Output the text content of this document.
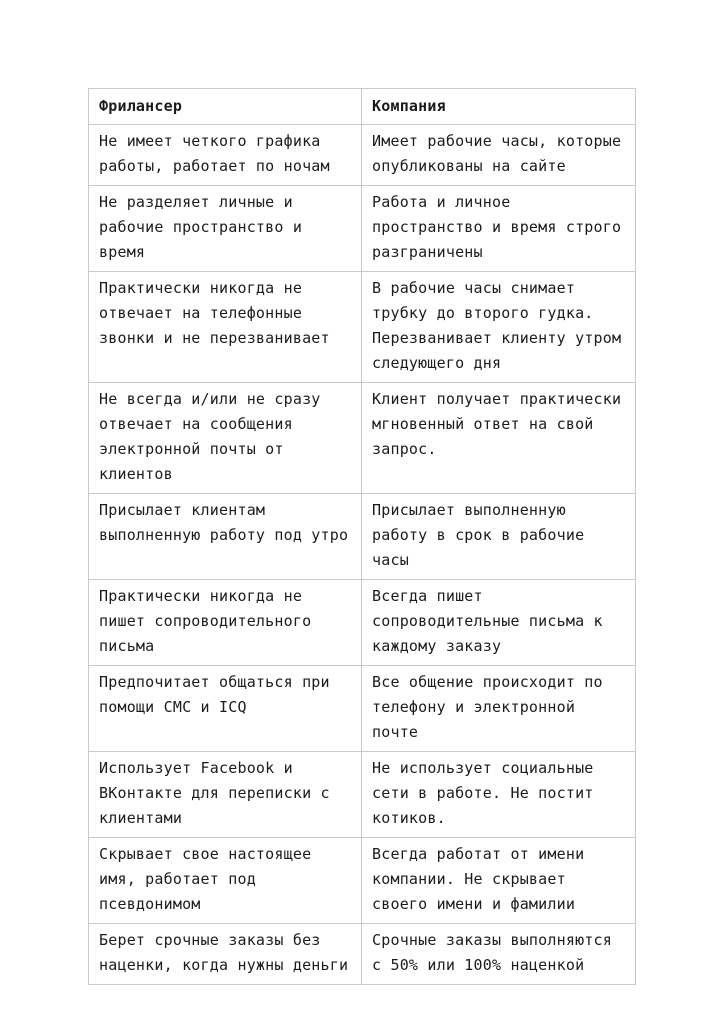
Фрилансер	Компания
Не имеет четкого графика работы, работает по ночам	Имеет рабочие часы, которые опубликованы на сайте
Не разделяет личные и рабочие пространство и время	Работа и личное пространство и время строго разграничены
Практически никогда не отвечает на телефонные звонки и не перезванивает	В рабочие часы снимает трубку до второго гудка. Перезванивает клиенту утром следующего дня
Не всегда и/или не сразу отвечает на сообщения электронной почты от клиентов	Клиент получает практически мгновенный ответ на свой запрос.
Присылает клиентам выполненную работу под утро	Присылает выполненную работу в срок в рабочие часы
Практически никогда не пишет сопроводительного письма	Всегда пишет сопроводительные письма к каждому заказу
Предпочитает общаться при помощи СМС и ICQ	Все общение происходит по телефону и электронной почте
Использует Facebook и ВКонтакте для переписки с клиентами	Не использует социальные сети в работе. Не постит котиков.
Скрывает свое настоящее имя, работает под псевдонимом	Всегда работат от имени компании. Не скрывает своего имени и фамилии
Берет срочные заказы без наценки, когда нужны деньги	Срочные заказы выполняются с 50% или 100% наценкой
